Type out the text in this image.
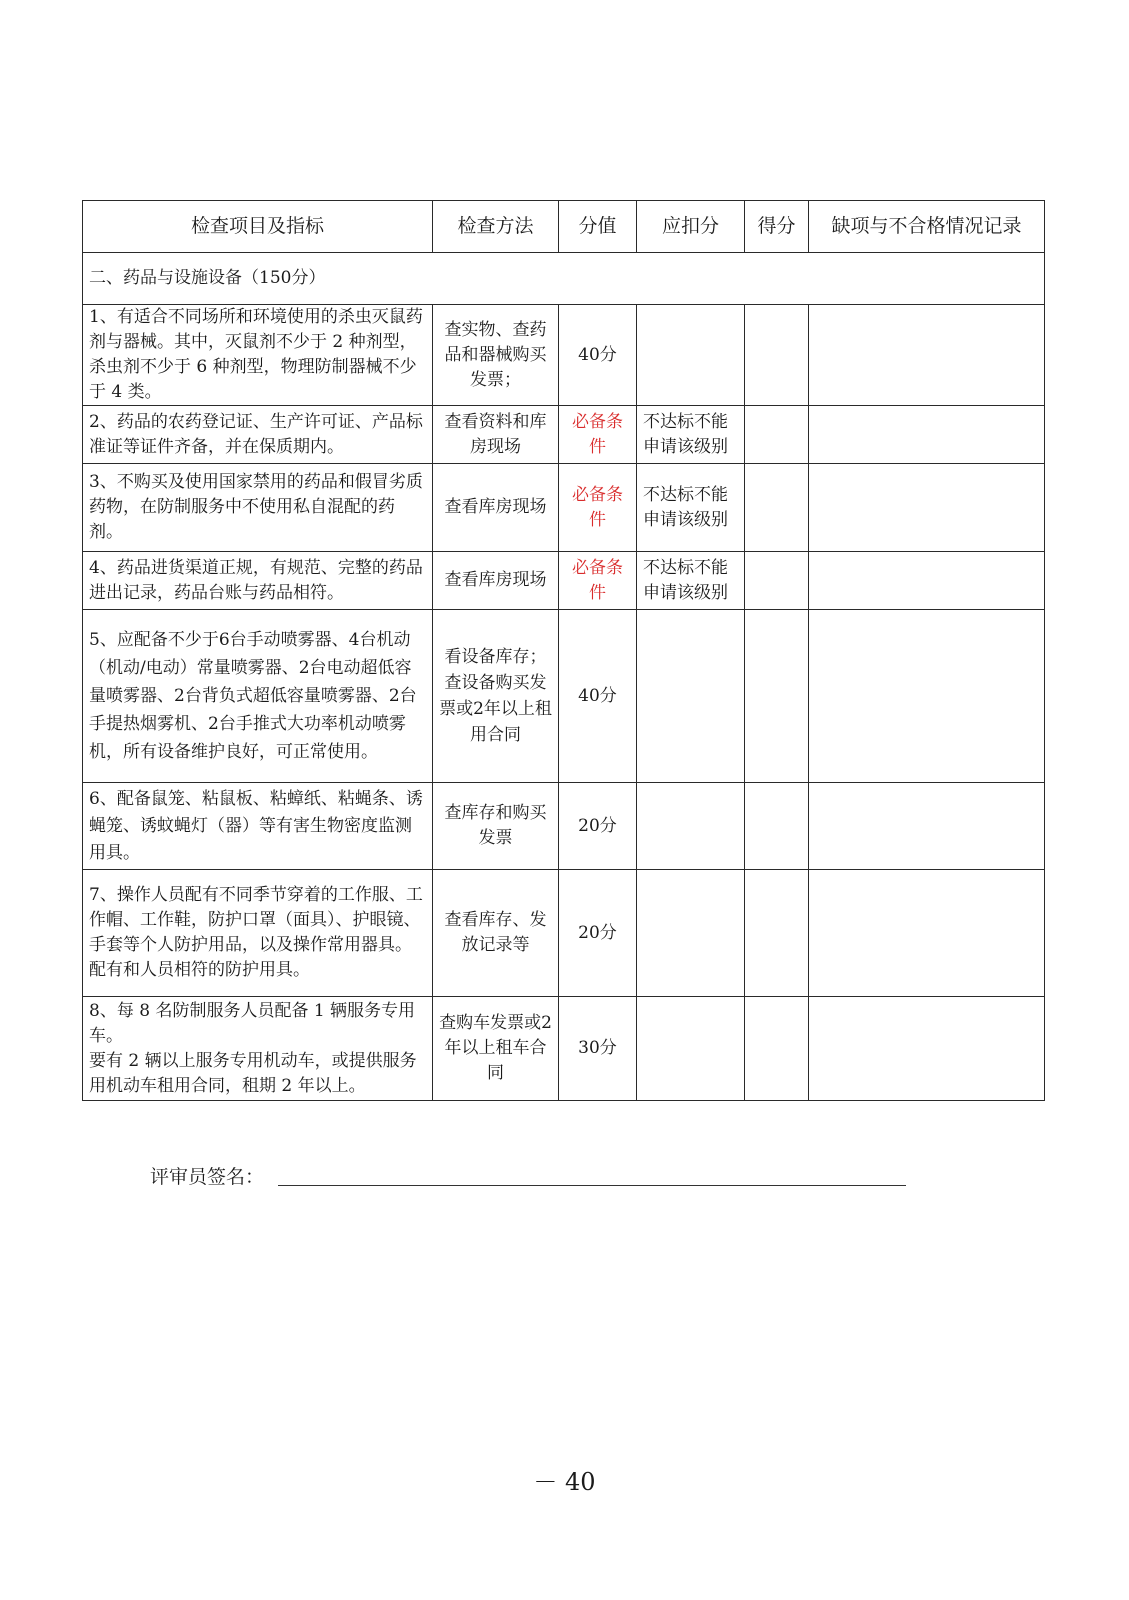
检查项目及指标	检查方法	分值	应扣分	得分	缺项与不合格情况记录
二、药品与设施设备（150分）					
1、有适合不同场所和环境使用的杀虫灭鼠药剂与器械。其中，灭鼠剂不少于 2 种剂型，杀虫剂不少于 6 种剂型，物理防制器械不少于 4 类。	查实物、查药品和器械购买发票；	40分			
2、药品的农药登记证、生产许可证、产品标准证等证件齐备，并在保质期内。	查看资料和库房现场	必备条件	不达标不能申请该级别		
3、不购买及使用国家禁用的药品和假冒劣质药物，在防制服务中不使用私自混配的药剂。	查看库房现场	必备条件	不达标不能申请该级别		
4、药品进货渠道正规，有规范、完整的药品进出记录，药品台账与药品相符。	查看库房现场	必备条件	不达标不能申请该级别		
5、应配备不少于6台手动喷雾器、4台机动（机动/电动）常量喷雾器、2台电动超低容量喷雾器、2台背负式超低容量喷雾器、2台手提热烟雾机、2台手推式大功率机动喷雾机，所有设备维护良好，可正常使用。	看设备库存；查设备购买发票或2年以上租用合同	40分			
6、配备鼠笼、粘鼠板、粘蟑纸、粘蝇条、诱蝇笼、诱蚊蝇灯（器）等有害生物密度监测用具。	查库存和购买发票	20分			

7、操作人员配有不同季节穿着的工作服、工作帽、工作鞋，防护口罩（面具）、护眼镜、手套等个人防护用品，以及操作常用器具。
配有和人员相符的防护用具。	查看库存、发放记录等	20分			

8、每 8 名防制服务人员配备 1 辆服务专用车。
要有 2 辆以上服务专用机动车，或提供服务用机动车租用合同，租期 2 年以上。	查购车发票或2年以上租车合同	30分			
评审员签名：
－ 40
